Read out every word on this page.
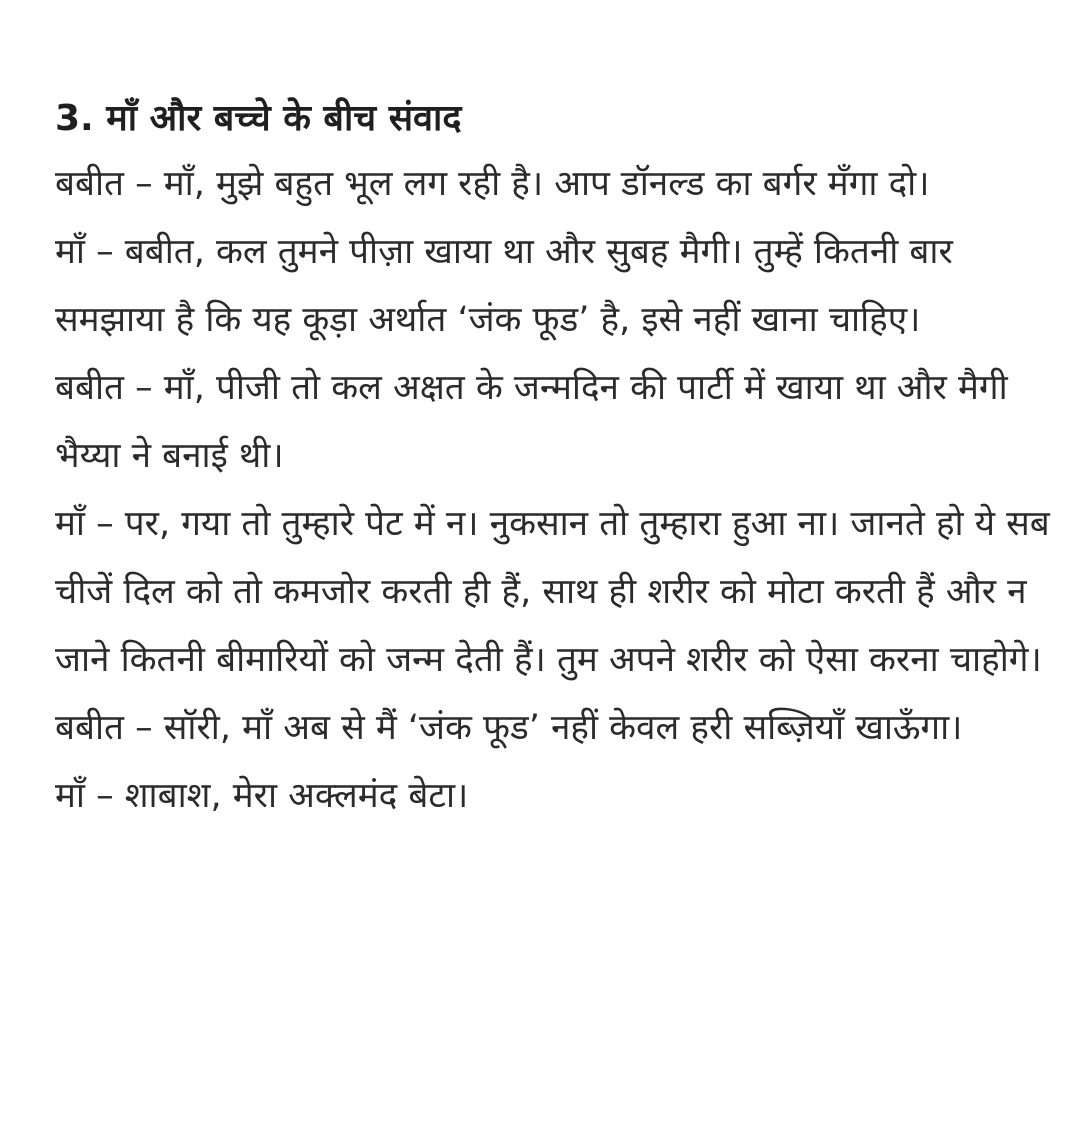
3. माँ और बच्चे के बीच संवाद

बबीत – माँ, मुझे बहुत भूल लग रही है। आप डॉनल्ड का बर्गर मँगा दो।

माँ – बबीत, कल तुमने पीज़ा खाया था और सुबह मैगी। तुम्हें कितनी बार समझाया है कि यह कूड़ा अर्थात ‘जंक फूड’ है, इसे नहीं खाना चाहिए।

बबीत – माँ, पीजी तो कल अक्षत के जन्मदिन की पार्टी में खाया था और मैगी भैय्या ने बनाई थी।

माँ – पर, गया तो तुम्हारे पेट में न। नुकसान तो तुम्हारा हुआ ना। जानते हो ये सब चीजें दिल को तो कमजोर करती ही हैं, साथ ही शरीर को मोटा करती हैं और न जाने कितनी बीमारियों को जन्म देती हैं। तुम अपने शरीर को ऐसा करना चाहोगे।

बबीत – सॉरी, माँ अब से मैं ‘जंक फूड’ नहीं केवल हरी सब्ज़ियाँ खाऊँगा।

माँ – शाबाश, मेरा अक्लमंद बेटा।
